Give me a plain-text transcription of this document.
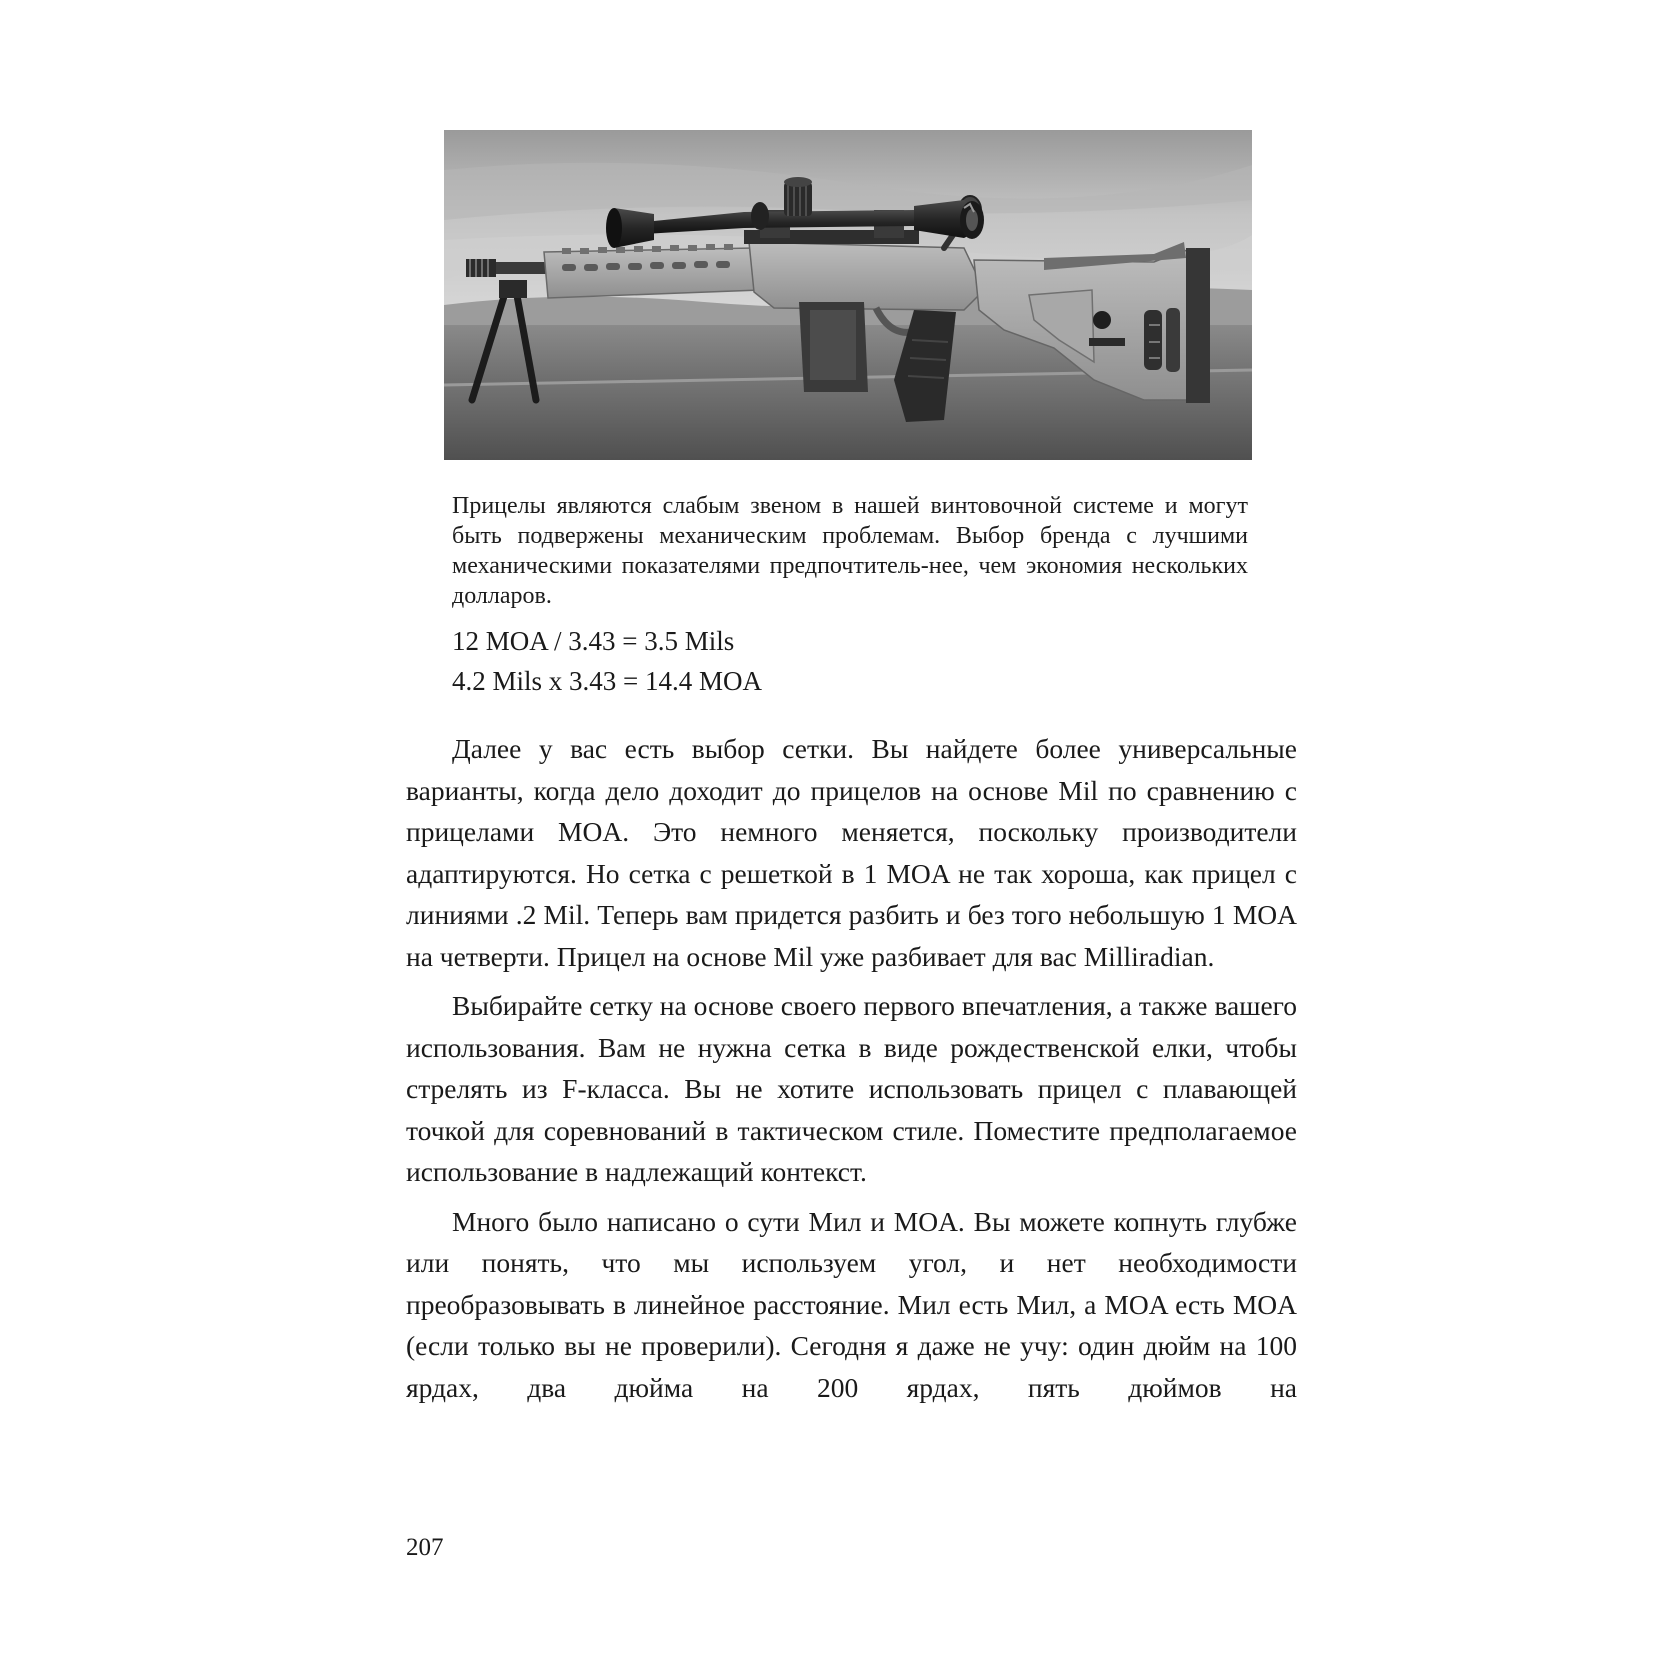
Прицелы являются слабым звеном в нашей винтовочной системе и могут быть подвержены механическим проблемам. Выбор бренда с лучшими механическими показателями предпочтитель-нее, чем экономия нескольких долларов.

12 MOA / 3.43 = 3.5 Mils

4.2 Mils x 3.43 = 14.4 MOA

Далее у вас есть выбор сетки. Вы найдете более универсальные варианты, когда дело доходит до прицелов на основе Mil по сравнению с прицелами MOA. Это немного меняется, поскольку производители адаптируются. Но сетка с решеткой в 1 MOA не так хороша, как прицел с линиями .2 Mil. Теперь вам придется разбить и без того небольшую 1 MOA на четверти. Прицел на основе Mil уже разбивает для вас Milliradian.

Выбирайте сетку на основе своего первого впечатления, а также вашего использования. Вам не нужна сетка в виде рождественской елки, чтобы стрелять из F-класса. Вы не хотите использовать прицел с плавающей точкой для соревнований в тактическом стиле. Поместите предполагаемое использование в надлежащий контекст.

Много было написано о сути Мил и MOA. Вы можете копнуть глубже или понять, что мы используем угол, и нет необходимости преобразовывать в линейное расстояние. Мил есть Мил, а MOA есть MOA (если только вы не проверили). Сегодня я даже не учу: один дюйм на 100 ярдах, два дюйма на 200 ярдах, пять дюймов на

207
